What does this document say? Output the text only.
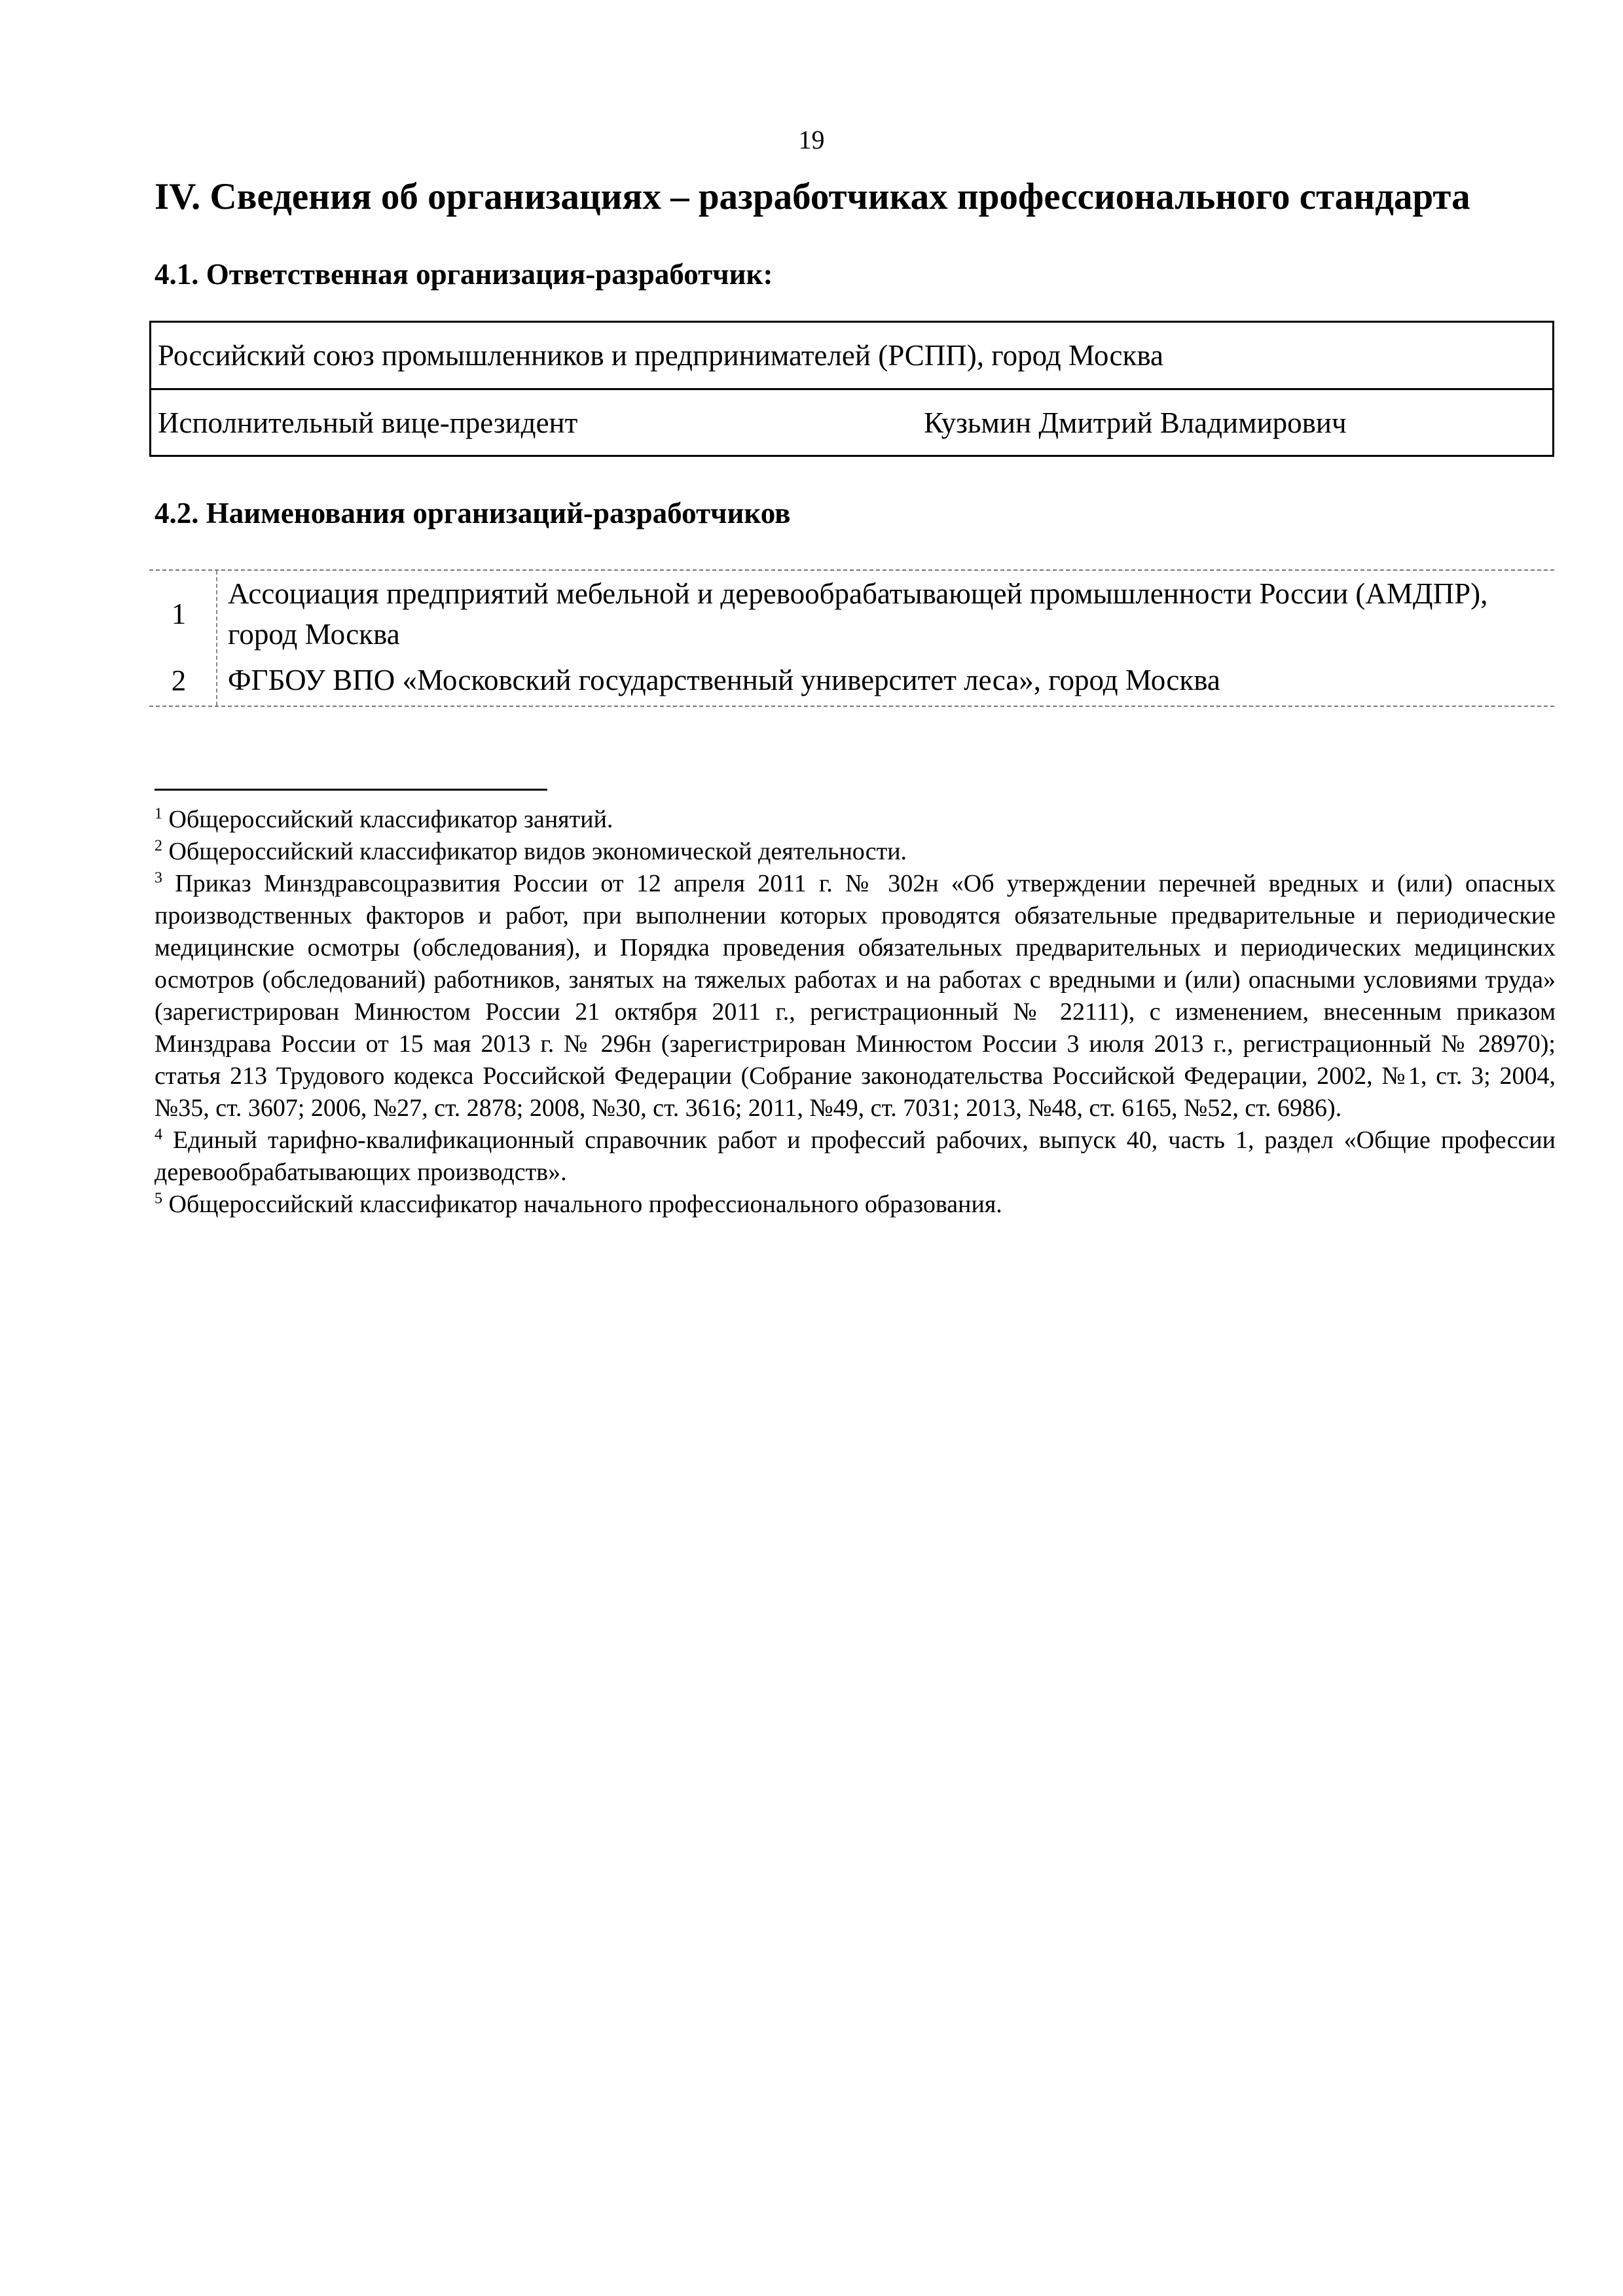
19
IV. Сведения об организациях – разработчиках профессионального стандарта
4.1. Ответственная организация-разработчик:
Российский союз промышленников и предпринимателей (РСПП), город Москва
Исполнительный вице-президент	Кузьмин Дмитрий Владимирович
4.2. Наименования организаций-разработчиков
1
Ассоциация предприятий мебельной и деревообрабатывающей промышленности России (АМДПР), город Москва
2	ФГБОУ ВПО «Московский государственный университет леса», город Москва

$^1$ Общероссийский классификатор занятий.

$^2$ Общероссийский классификатор видов экономической деятельности.

$^3$ Приказ Минздравсоцразвития России от 12 апреля 2011 г. № 302н «Об утверждении перечней вредных и (или) опасных производственных факторов и работ, при выполнении которых проводятся обязательные предварительные и периодические медицинские осмотры (обследования), и Порядка проведения обязательных предварительных и периодических медицинских осмотров (обследований) работников, занятых на тяжелых работах и на работах с вредными и (или) опасными условиями труда» (зарегистрирован Минюстом России 21 октября 2011 г., регистрационный № 22111), с изменением, внесенным приказом Минздрава России от 15 мая 2013 г. № 296н (зарегистрирован Минюстом России 3 июля 2013 г., регистрационный № 28970); статья 213 Трудового кодекса Российской Федерации (Собрание законодательства Российской Федерации, 2002, №1, ст. 3; 2004, №35, ст. 3607; 2006, №27, ст. 2878; 2008, №30, ст. 3616; 2011, №49, ст. 7031; 2013, №48, ст. 6165, №52, ст. 6986).

$^4$ Единый тарифно-квалификационный справочник работ и профессий рабочих, выпуск 40, часть 1, раздел «Общие профессии деревообрабатывающих производств».

$^5$ Общероссийский классификатор начального профессионального образования.
